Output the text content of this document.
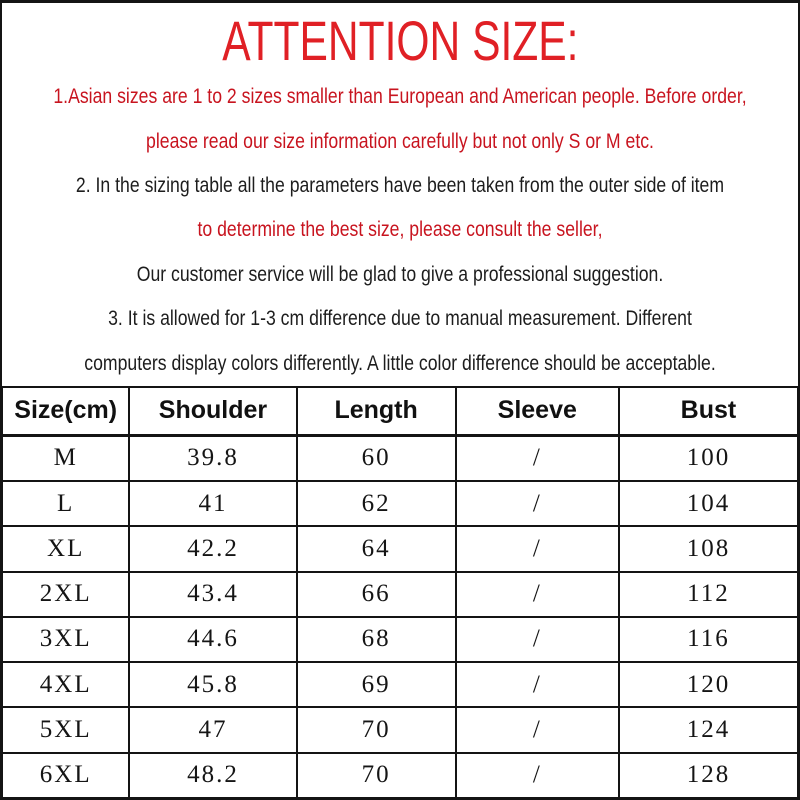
ATTENTION SIZE:
1.Asian sizes are 1 to 2 sizes smaller than European and American people. Before order,
please read our size information carefully but not only S or M etc.
2. In the sizing table all the parameters have been taken from the outer side of item
to determine the best size, please consult the seller,
Our customer service will be glad to give a professional suggestion.
3. It is allowed for 1-3 cm difference due to manual measurement. Different
computers display colors differently. A little color difference should be acceptable.
Size(cm)	Shoulder	Length	Sleeve	Bust
M	39.8	60	/	100
L	41	62	/	104
XL	42.2	64	/	108
2XL	43.4	66	/	112
3XL	44.6	68	/	116
4XL	45.8	69	/	120
5XL	47	70	/	124
6XL	48.2	70	/	128
